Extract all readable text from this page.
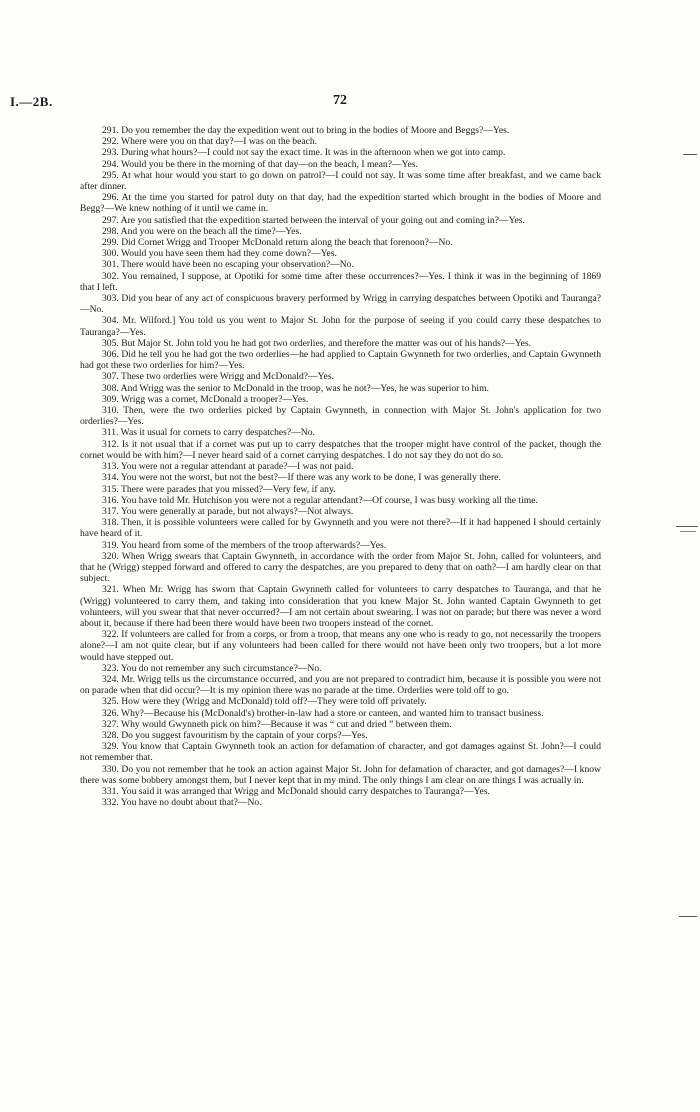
I.—2B.	72

291. Do you remember the day the expedition went out to bring in the bodies of Moore and Beggs?—Yes.

292. Where were you on that day?—I was on the beach.

293. During what hours?—I could not say the exact time. It was in the afternoon when we got into camp.

294. Would you be there in the morning of that day—on the beach, I mean?—Yes.

295. At what hour would you start to go down on patrol?—I could not say. It was some time after breakfast, and we came back after dinner.

296. At the time you started for patrol duty on that day, had the expedition started which brought in the bodies of Moore and Begg?—We knew nothing of it until we came in.

297. Are you satisfied that the expedition started between the interval of your going out and coming in?—Yes.

298. And you were on the beach all the time?—Yes.

299. Did Cornet Wrigg and Trooper McDonald return along the beach that forenoon?—No.

300. Would you have seen them had they come down?—Yes.

301. There would have been no escaping your observation?—No.

302. You remained, I suppose, at Opotiki for some time after these occurrences?—Yes. I think it was in the beginning of 1869 that I left.

303. Did you hear of any act of conspicuous bravery performed by Wrigg in carrying despatches between Opotiki and Tauranga?—No.

304. Mr. Wilford.] You told us you went to Major St. John for the purpose of seeing if you could carry these despatches to Tauranga?—Yes.

305. But Major St. John told you he had got two orderlies, and therefore the matter was out of his hands?—Yes.

306. Did he tell you he had got the two orderlies—he had applied to Captain Gwynneth for two orderlies, and Captain Gwynneth had got these two orderlies for him?—Yes.

307. These two orderlies were Wrigg and McDonald?—Yes.

308. And Wrigg was the senior to McDonald in the troop, was he not?—Yes, he was superior to him.

309. Wrigg was a cornet, McDonald a trooper?—Yes.

310. Then, were the two orderlies picked by Captain Gwynneth, in connection with Major St. John's application for two orderlies?—Yes.

311. Was it usual for cornets to carry despatches?—No.

312. Is it not usual that if a cornet was put up to carry despatches that the trooper might have control of the packet, though the cornet would be with him?—I never heard said of a cornet carrying despatches. I do not say they do not do so.

313. You were not a regular attendant at parade?—I was not paid.

314. You were not the worst, but not the best?—If there was any work to be done, I was generally there.

315. There were parades that you missed?—Very few, if any.

316. You have told Mr. Hutchison you were not a regular attendant?—Of course, I was busy working all the time.

317. You were generally at parade, but not always?—Not always.

318. Then, it is possible volunteers were called for by Gwynneth and you were not there?—If it had happened I should certainly have heard of it.

319. You heard from some of the members of the troop afterwards?—Yes.

320. When Wrigg swears that Captain Gwynneth, in accordance with the order from Major St. John, called for volunteers, and that he (Wrigg) stepped forward and offered to carry the despatches, are you prepared to deny that on oath?—I am hardly clear on that subject.

321. When Mr. Wrigg has sworn that Captain Gwynneth called for volunteers to carry despatches to Tauranga, and that he (Wrigg) volunteered to carry them, and taking into consideration that you knew Major St. John wanted Captain Gwynneth to get volunteers, will you swear that that never occurred?—I am not certain about swearing. I was not on parade; but there was never a word about it, because if there had been there would have been two troopers instead of the cornet.

322. If volunteers are called for from a corps, or from a troop, that means any one who is ready to go, not necessarily the troopers alone?—I am not quite clear, but if any volunteers had been called for there would not have been only two troopers, but a lot more would have stepped out.

323. You do not remember any such circumstance?—No.

324. Mr. Wrigg tells us the circumstance occurred, and you are not prepared to contradict him, because it is possible you were not on parade when that did occur?—It is my opinion there was no parade at the time. Orderlies were told off to go.

325. How were they (Wrigg and McDonald) told off?—They were told off privately.

326. Why?—Because his (McDonald's) brother-in-law had a store or canteen, and wanted him to transact business.

327. Why would Gwynneth pick on him?—Because it was “ cut and dried ” between them.

328. Do you suggest favouritism by the captain of your corps?—Yes.

329. You know that Captain Gwynneth took an action for defamation of character, and got damages against St. John?—I could not remember that.

330. Do you not remember that he took an action against Major St. John for defamation of character, and got damages?—I know there was some bobbery amongst them, but I never kept that in my mind. The only things I am clear on are things I was actually in.

331. You said it was arranged that Wrigg and McDonald should carry despatches to Tauranga?—Yes.

332. You have no doubt about that?—No.
